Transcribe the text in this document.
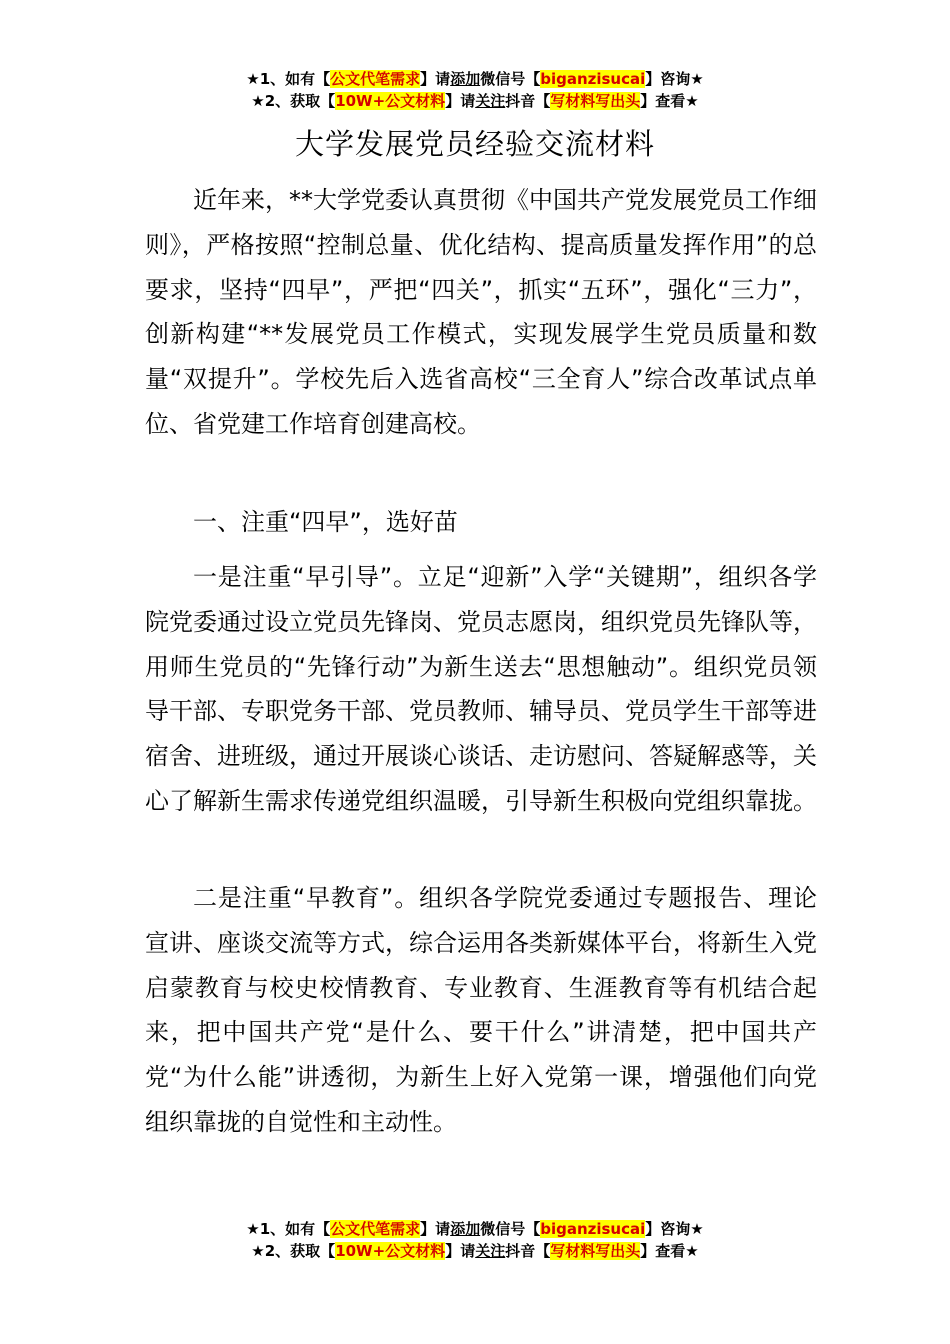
★1、如有【公文代笔需求】请添加微信号【biganzisucai】咨询★
★2、获取【10W+公文材料】请关注抖音【写材料写出头】查看★
大学发展党员经验交流材料

近年来，**大学党委认真贯彻《中国共产党发展党员工作细则》，严格按照“控制总量、优化结构、提高质量发挥作用”的总要求，坚持“四早”，严把“四关”，抓实“五环”，强化“三力”，创新构建“**发展党员工作模式，实现发展学生党员质量和数量“双提升”。学校先后入选省高校“三全育人”综合改革试点单位、省党建工作培育创建高校。

一、注重“四早”，选好苗

一是注重“早引导”。立足“迎新”入学“关键期”，组织各学院党委通过设立党员先锋岗、党员志愿岗，组织党员先锋队等，用师生党员的“先锋行动”为新生送去“思想触动”。组织党员领导干部、专职党务干部、党员教师、辅导员、党员学生干部等进宿舍、进班级，通过开展谈心谈话、走访慰问、答疑解惑等，关心了解新生需求传递党组织温暖，引导新生积极向党组织靠拢。

二是注重“早教育”。组织各学院党委通过专题报告、理论宣讲、座谈交流等方式，综合运用各类新媒体平台，将新生入党启蒙教育与校史校情教育、专业教育、生涯教育等有机结合起来，把中国共产党“是什么、要干什么”讲清楚，把中国共产党“为什么能”讲透彻，为新生上好入党第一课，增强他们向党组织靠拢的自觉性和主动性。

★1、如有【公文代笔需求】请添加微信号【biganzisucai】咨询★
★2、获取【10W+公文材料】请关注抖音【写材料写出头】查看★
